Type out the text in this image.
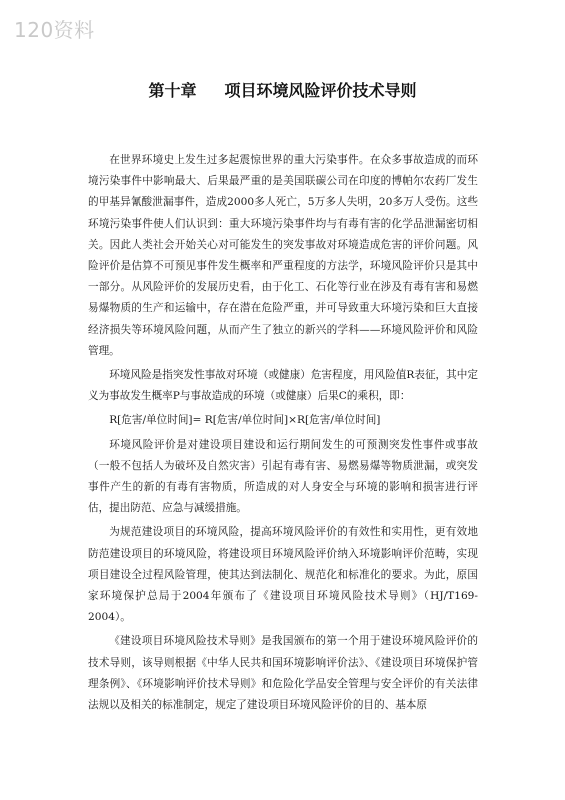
120资料
第十章 项目环境风险评价技术导则

在世界环境史上发生过多起震惊世界的重大污染事件。在众多事故造成的而环境污染事件中影响最大、后果最严重的是美国联碳公司在印度的博帕尔农药厂发生的甲基异氰酸泄漏事件，造成2000多人死亡，5万多人失明，20多万人受伤。这些环境污染事件使人们认识到：重大环境污染事件均与有毒有害的化学品泄漏密切相关。因此人类社会开始关心对可能发生的突发事故对环境造成危害的评价问题。风险评价是估算不可预见事件发生概率和严重程度的方法学，环境风险评价只是其中一部分。从风险评价的发展历史看，由于化工、石化等行业在涉及有毒有害和易燃易爆物质的生产和运输中，存在潜在危险严重，并可导致重大环境污染和巨大直接经济损失等环境风险问题，从而产生了独立的新兴的学科——环境风险评价和风险管理。

环境风险是指突发性事故对环境（或健康）危害程度，用风险值R表征，其中定义为事故发生概率P与事故造成的环境（或健康）后果C的乘积，即：

R[危害/单位时间]= R[危害/单位时间]×R[危害/单位时间]

环境风险评价是对建设项目建设和运行期间发生的可预测突发性事件或事故（一般不包括人为破坏及自然灾害）引起有毒有害、易燃易爆等物质泄漏，或突发事件产生的新的有毒有害物质，所造成的对人身安全与环境的影响和损害进行评估，提出防范、应急与减缓措施。

为规范建设项目的环境风险，提高环境风险评价的有效性和实用性，更有效地防范建设项目的环境风险，将建设项目环境风险评价纳入环境影响评价范畴，实现项目建设全过程风险管理，使其达到法制化、规范化和标准化的要求。为此，原国家环境保护总局于2004年颁布了《建设项目环境风险技术导则》（HJ/T169-2004）。

《建设项目环境风险技术导则》是我国颁布的第一个用于建设环境风险评价的技术导则，该导则根据《中华人民共和国环境影响评价法》、《建设项目环境保护管理条例》、《环境影响评价技术导则》和危险化学品安全管理与安全评价的有关法律法规以及相关的标准制定，规定了建设项目环境风险评价的目的、基本原
